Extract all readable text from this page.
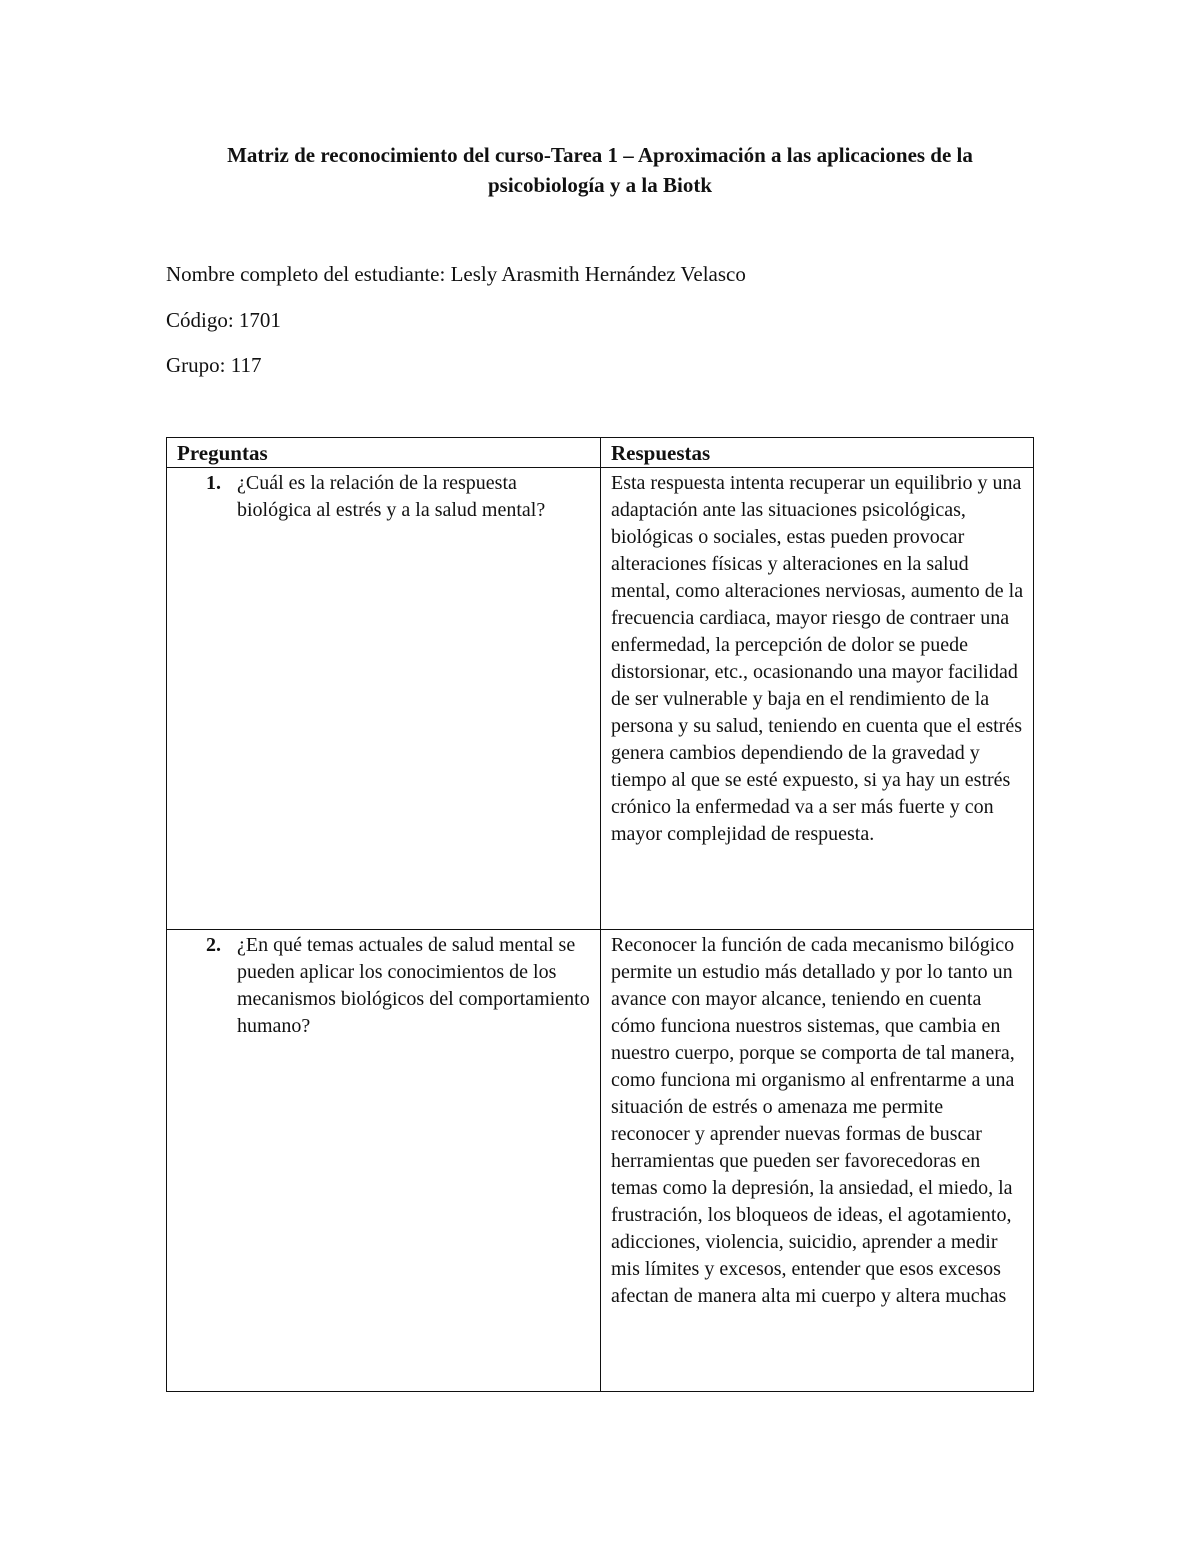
Matriz de reconocimiento del curso-Tarea 1 – Aproximación a las aplicaciones de la
psicobiología y a la Biotk
Nombre completo del estudiante: Lesly Arasmith Hernández Velasco
Código: 1701
Grupo: 117
Preguntas	Respuestas

1. ¿Cuál es la relación de la respuesta biológica al estrés y a la salud mental?	Esta respuesta intenta recuperar un equilibrio y una adaptación ante las situaciones psicológicas, biológicas o sociales, estas pueden provocar alteraciones físicas y alteraciones en la salud mental, como alteraciones nerviosas, aumento de la frecuencia cardiaca, mayor riesgo de contraer una enfermedad, la percepción de dolor se puede distorsionar, etc., ocasionando una mayor facilidad de ser vulnerable y baja en el rendimiento de la persona y su salud, teniendo en cuenta que el estrés genera cambios dependiendo de la gravedad y tiempo al que se esté expuesto, si ya hay un estrés crónico la enfermedad va a ser más fuerte y con mayor complejidad de respuesta.

2. ¿En qué temas actuales de salud mental se pueden aplicar los conocimientos de los mecanismos biológicos del comportamiento humano?	Reconocer la función de cada mecanismo bilógico permite un estudio más detallado y por lo tanto un avance con mayor alcance, teniendo en cuenta cómo funciona nuestros sistemas, que cambia en nuestro cuerpo, porque se comporta de tal manera, como funciona mi organismo al enfrentarme a una situación de estrés o amenaza me permite reconocer y aprender nuevas formas de buscar herramientas que pueden ser favorecedoras en temas como la depresión, la ansiedad, el miedo, la frustración, los bloqueos de ideas, el agotamiento, adicciones, violencia, suicidio, aprender a medir mis límites y excesos, entender que esos excesos afectan de manera alta mi cuerpo y altera muchas
